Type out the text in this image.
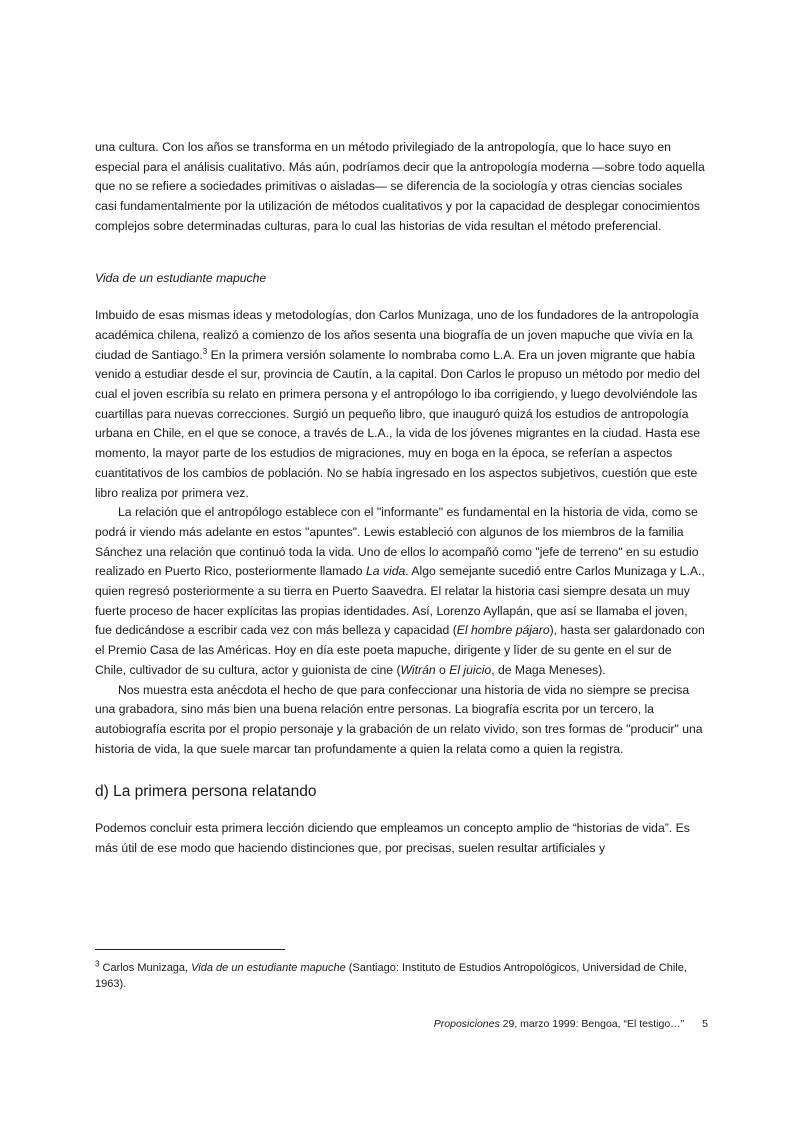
una cultura. Con los años se transforma en un método privilegiado de la antropología, que lo hace suyo en especial para el análisis cualitativo. Más aún, podríamos decir que la antropología moderna —sobre todo aquella que no se refiere a sociedades primitivas o aisladas— se diferencia de la sociología y otras ciencias sociales casi fundamentalmente por la utilización de métodos cualitativos y por la capacidad de desplegar conocimientos complejos sobre determinadas culturas, para lo cual las historias de vida resultan el método preferencial.

Vida de un estudiante mapuche

Imbuido de esas mismas ideas y metodologías, don Carlos Munizaga, uno de los fundadores de la antropología académica chilena, realizó a comienzo de los años sesenta una biografía de un joven mapuche que vivía en la ciudad de Santiago.$^3$ En la primera versión solamente lo nombraba como L.A. Era un joven migrante que había venido a estudiar desde el sur, provincia de Cautín, a la capital. Don Carlos le propuso un método por medio del cual el joven escribía su relato en primera persona y el antropólogo lo iba corrigiendo, y luego devolviéndole las cuartillas para nuevas correcciones. Surgió un pequeño libro, que inauguró quizá los estudios de antropología urbana en Chile, en el que se conoce, a través de L.A., la vida de los jóvenes migrantes en la ciudad. Hasta ese momento, la mayor parte de los estudios de migraciones, muy en boga en la época, se referían a aspectos cuantitativos de los cambios de población. No se había ingresado en los aspectos subjetivos, cuestión que este libro realiza por primera vez.

La relación que el antropólogo establece con el "informante" es fundamental en la historia de vida, como se podrá ir viendo más adelante en estos "apuntes". Lewis estableció con algunos de los miembros de la familia Sánchez una relación que continuó toda la vida. Uno de ellos lo acompañó como "jefe de terreno" en su estudio realizado en Puerto Rico, posteriormente llamado La vida. Algo semejante sucedió entre Carlos Munizaga y L.A., quien regresó posteriormente a su tierra en Puerto Saavedra. El relatar la historia casi siempre desata un muy fuerte proceso de hacer explícitas las propias identidades. Así, Lorenzo Ayllapán, que así se llamaba el joven, fue dedicándose a escribir cada vez con más belleza y capacidad (El hombre pájaro), hasta ser galardonado con el Premio Casa de las Américas. Hoy en día este poeta mapuche, dirigente y líder de su gente en el sur de Chile, cultivador de su cultura, actor y guionista de cine (Witrán o El juicio, de Maga Meneses).

Nos muestra esta anécdota el hecho de que para confeccionar una historia de vida no siempre se precisa una grabadora, sino más bien una buena relación entre personas. La biografía escrita por un tercero, la autobiografía escrita por el propio personaje y la grabación de un relato vivido, son tres formas de "producir" una historia de vida, la que suele marcar tan profundamente a quien la relata como a quien la registra.

d) La primera persona relatando

Podemos concluir esta primera lección diciendo que empleamos un concepto amplio de “historias de vida”. Es más útil de ese modo que haciendo distinciones que, por precisas, suelen resultar artificiales y

$^3$ Carlos Munizaga, Vida de un estudiante mapuche (Santiago: Instituto de Estudios Antropológicos, Universidad de Chile, 1963).

Proposiciones 29, marzo 1999: Bengoa, “El testigo…” 5
